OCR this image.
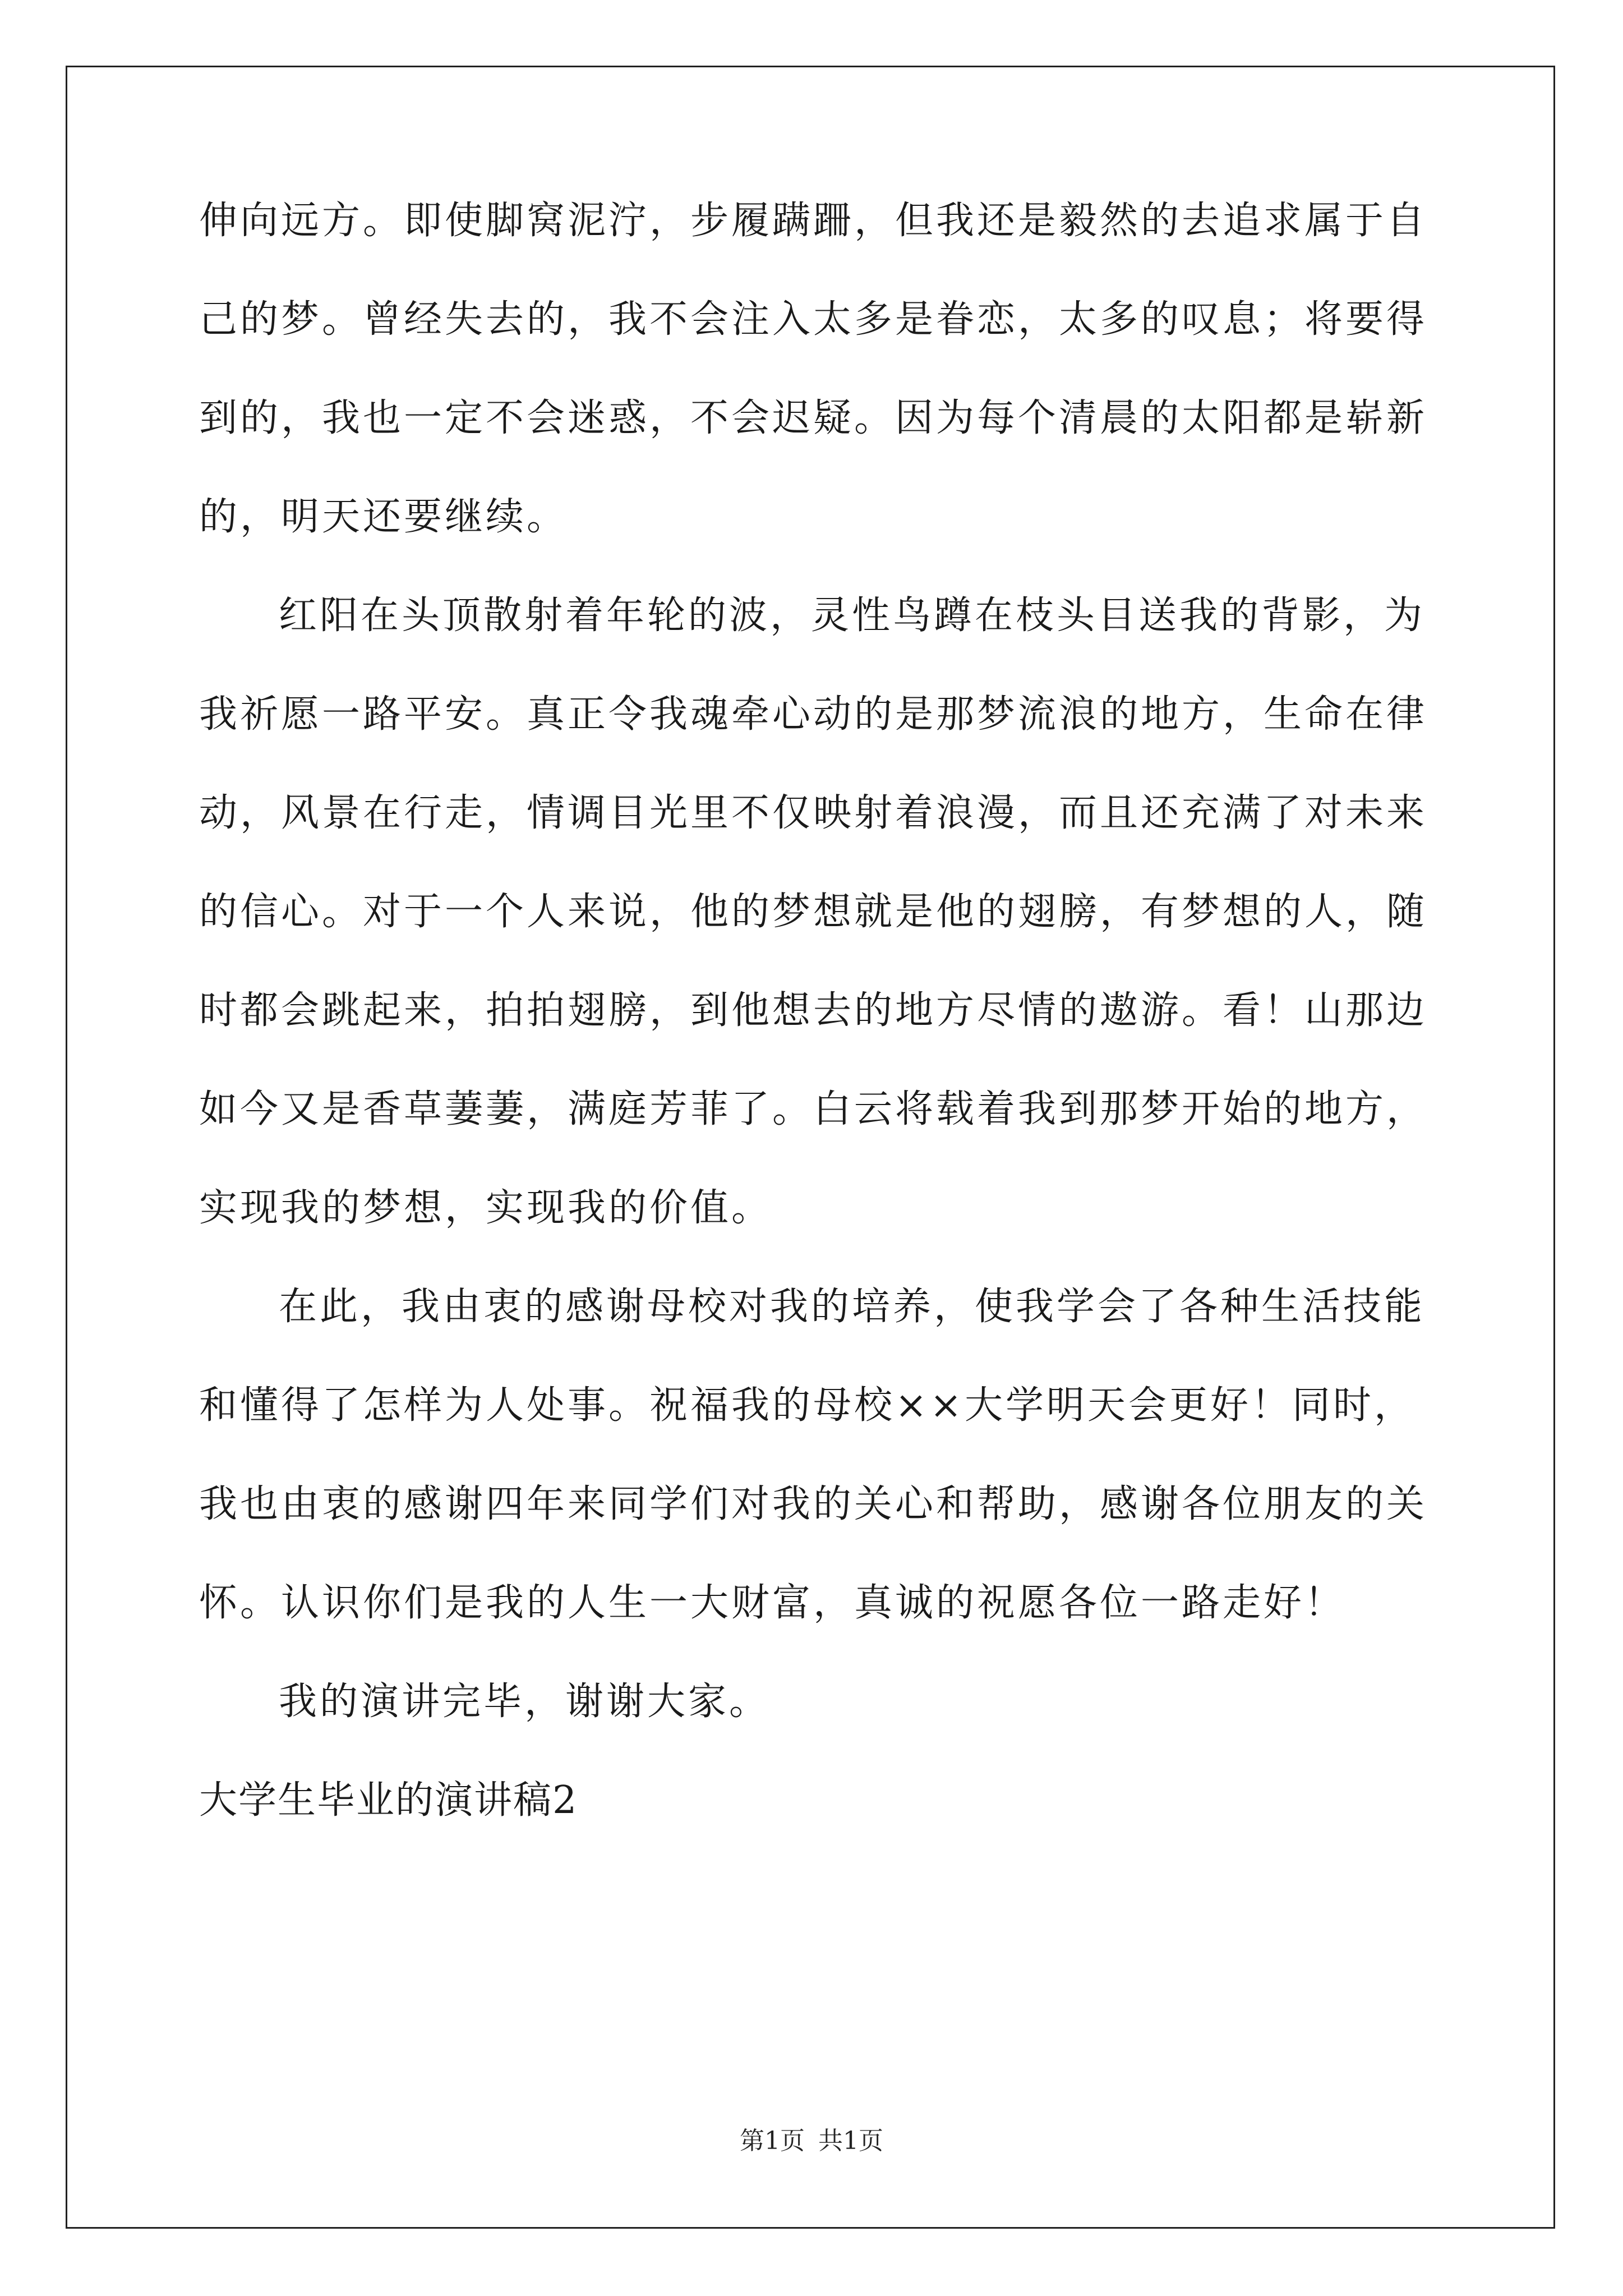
伸向远方。即使脚窝泥泞，步履蹒跚，但我还是毅然的去追求属于自
己的梦。曾经失去的，我不会注入太多是眷恋，太多的叹息；将要得
到的，我也一定不会迷惑，不会迟疑。因为每个清晨的太阳都是崭新
的，明天还要继续。
红阳在头顶散射着年轮的波，灵性鸟蹲在枝头目送我的背影，为
我祈愿一路平安。真正令我魂牵心动的是那梦流浪的地方，生命在律
动，风景在行走，情调目光里不仅映射着浪漫，而且还充满了对未来
的信心。对于一个人来说，他的梦想就是他的翅膀，有梦想的人，随
时都会跳起来，拍拍翅膀，到他想去的地方尽情的遨游。看！山那边
如今又是香草萋萋，满庭芳菲了。白云将载着我到那梦开始的地方，
实现我的梦想，实现我的价值。
在此，我由衷的感谢母校对我的培养，使我学会了各种生活技能
和懂得了怎样为人处事。祝福我的母校××大学明天会更好！同时，
我也由衷的感谢四年来同学们对我的关心和帮助，感谢各位朋友的关
怀。认识你们是我的人生一大财富，真诚的祝愿各位一路走好！
我的演讲完毕，谢谢大家。
大学生毕业的演讲稿2
第1页 共1页
